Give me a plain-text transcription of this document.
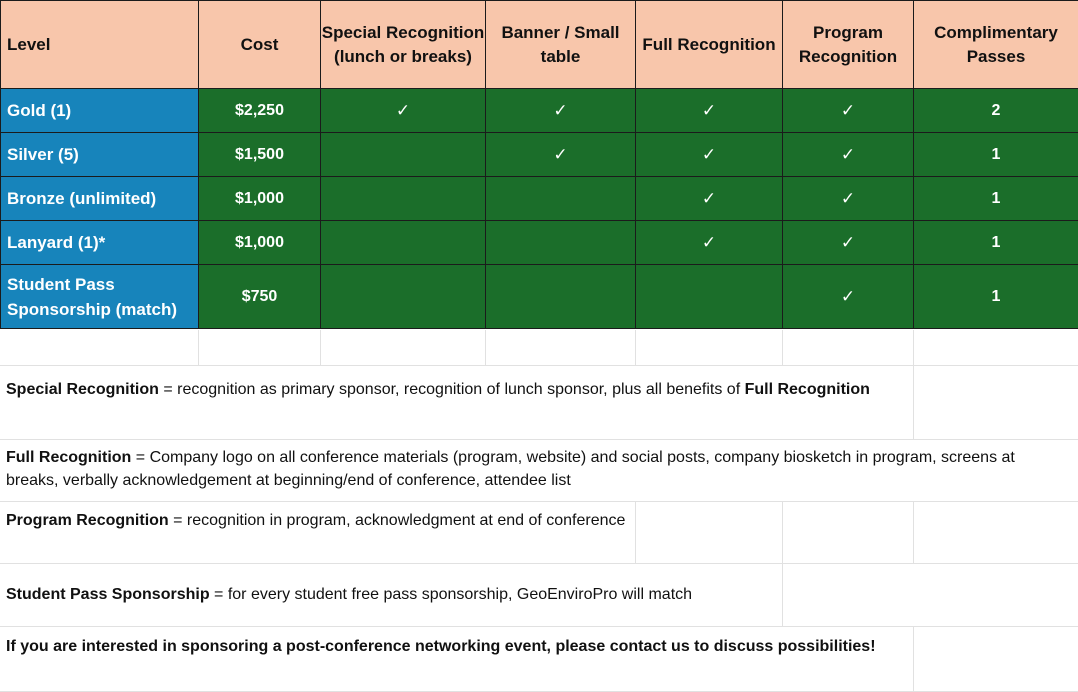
Level	Cost	Special Recognition (lunch or breaks)	Banner / Small table	Full Recognition	Program Recognition	Complimentary Passes
Gold (1)	$2,250	✓	✓	✓	✓	2
Silver (5)	$1,500		✓	✓	✓	1
Bronze (unlimited)	$1,000			✓	✓	1
Lanyard (1)*	$1,000			✓	✓	1
Student Pass Sponsorship (match)	$750				✓	1
Special Recognition = recognition as primary sponsor, recognition of lunch sponsor, plus all benefits of Full Recognition
Full Recognition = Company logo on all conference materials (program, website) and social posts, company biosketch in program, screens at breaks, verbally acknowledgement at beginning/end of conference, attendee list
Program Recognition = recognition in program, acknowledgment at end of conference
Student Pass Sponsorship = for every student free pass sponsorship, GeoEnviroPro will match
If you are interested in sponsoring a post-conference networking event, please contact us to discuss possibilities!
